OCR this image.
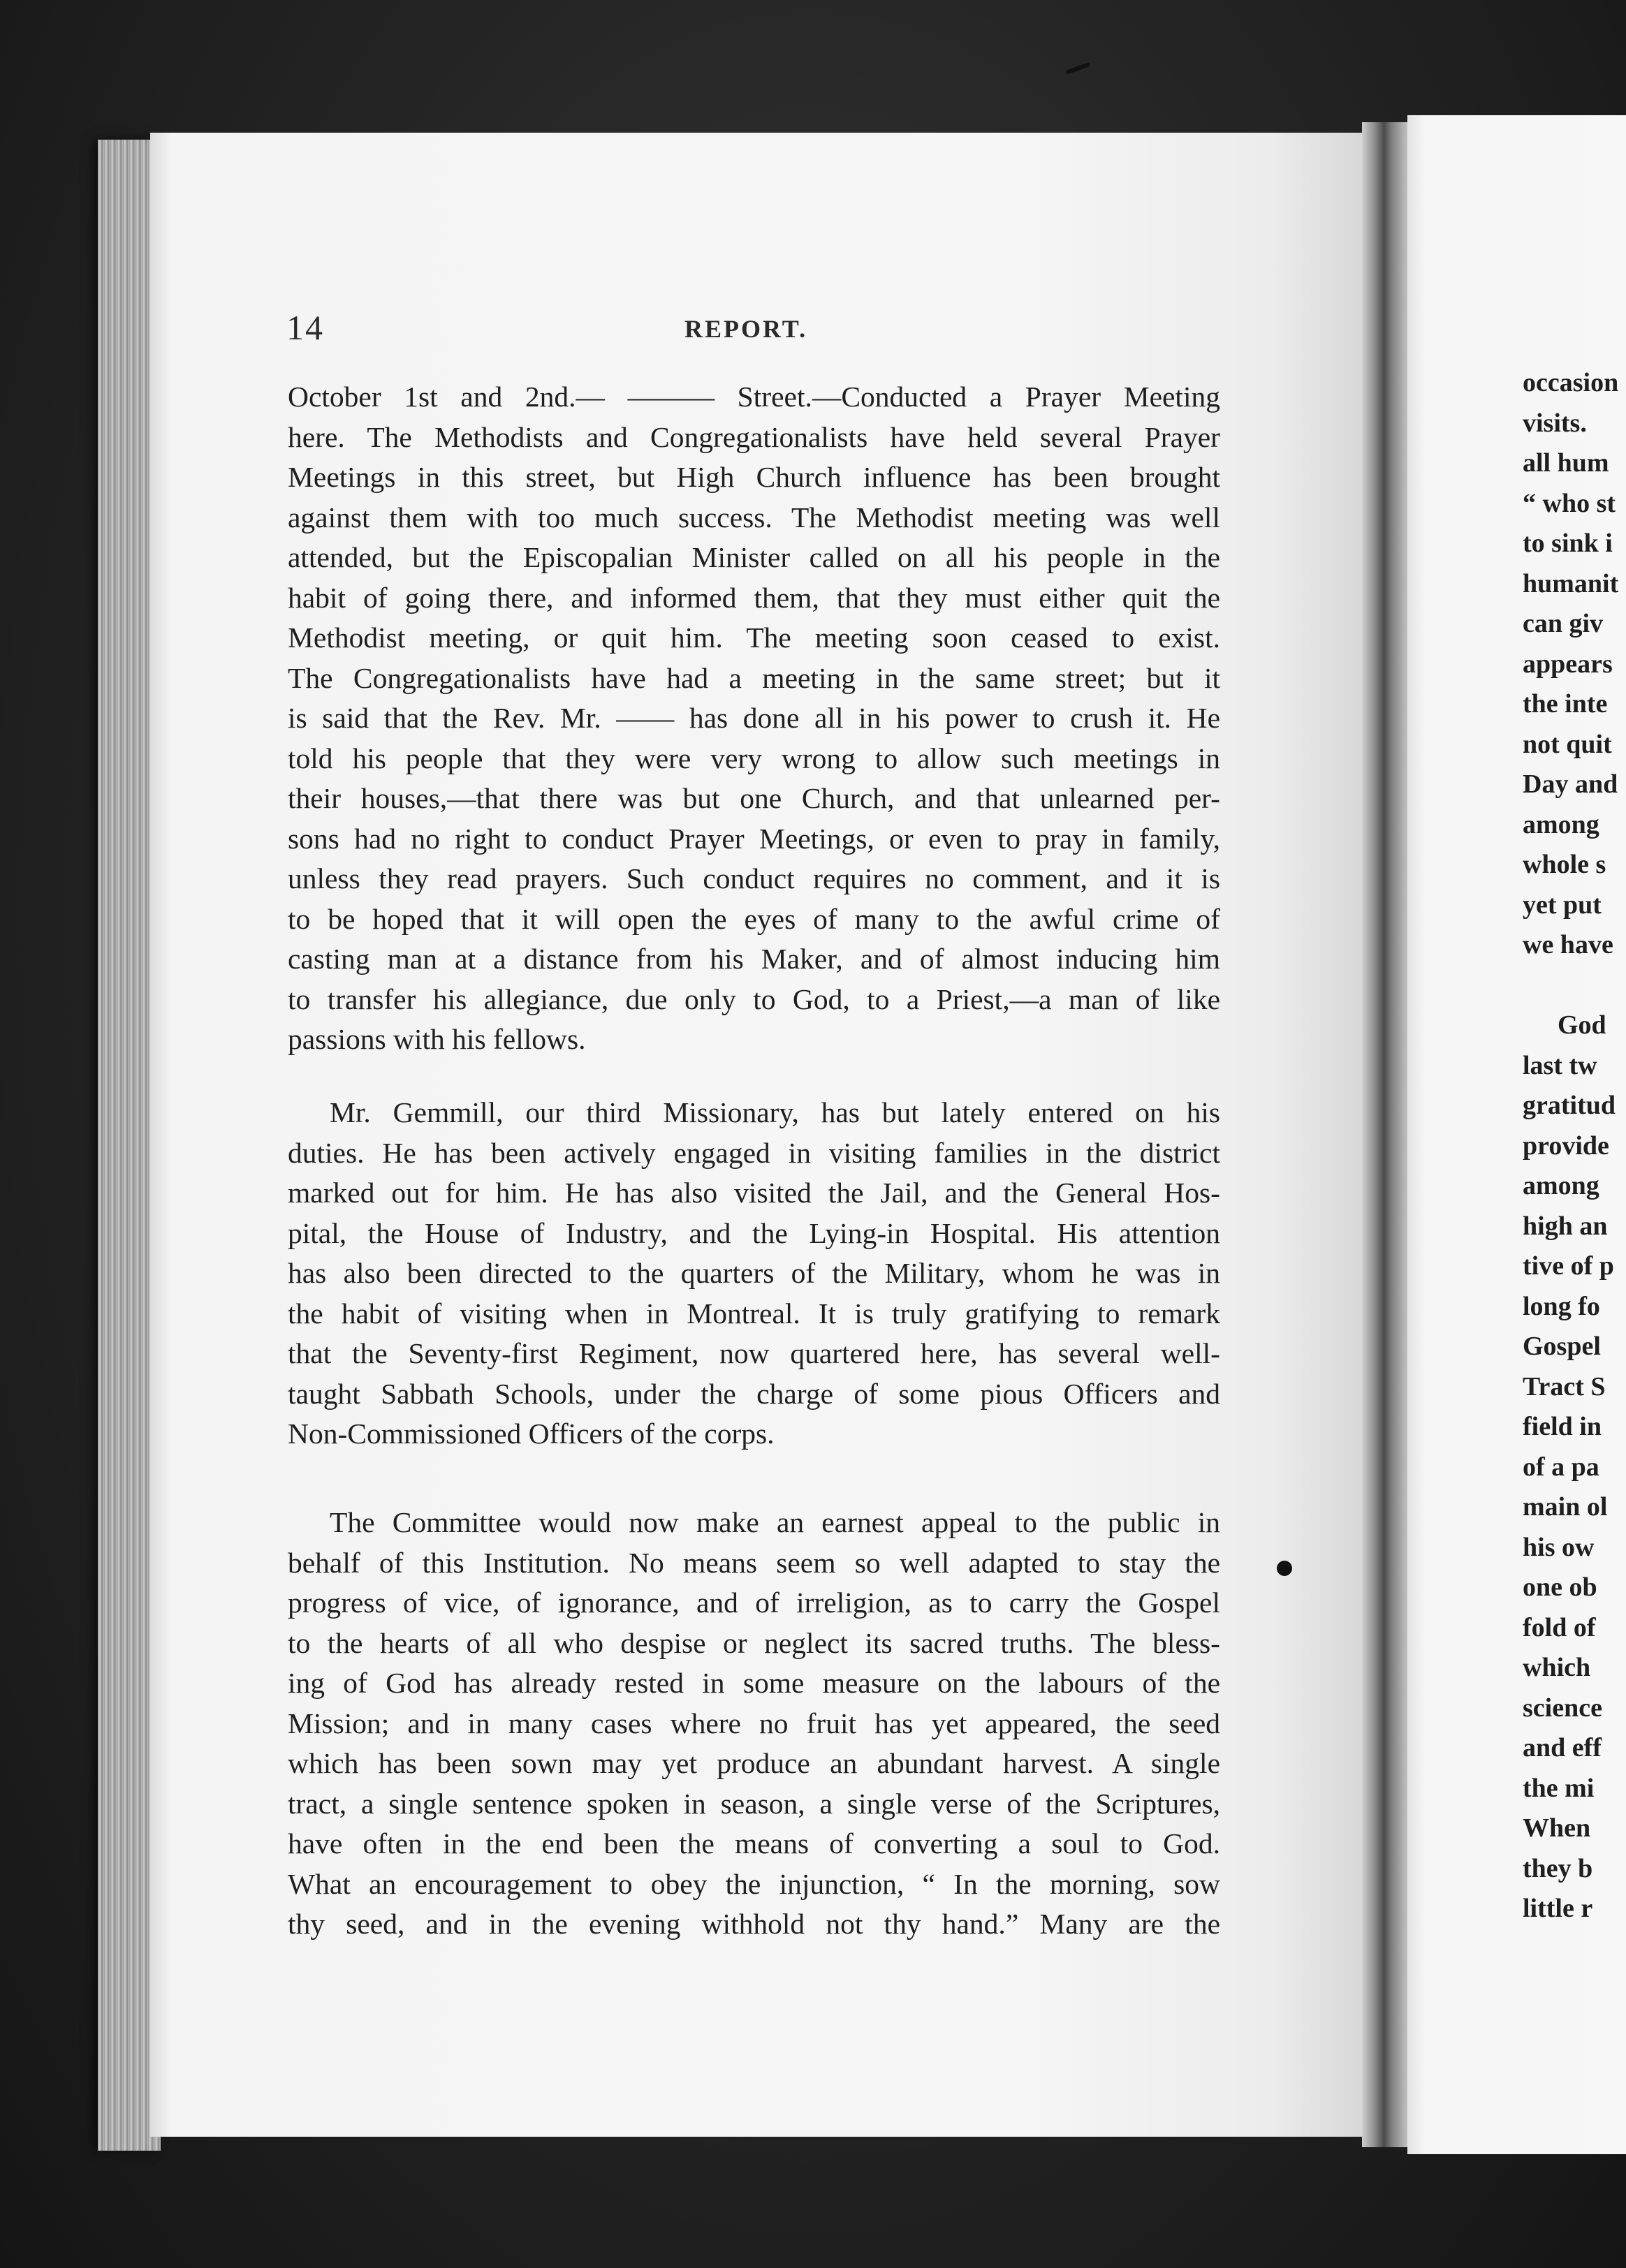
14	REPORT.
October 1st and 2nd.— ——— Street.—Conducted a Prayer Meeting
here. The Methodists and Congregationalists have held several Prayer
Meetings in this street, but High Church influence has been brought
against them with too much success. The Methodist meeting was well
attended, but the Episcopalian Minister called on all his people in the
habit of going there, and informed them, that they must either quit the
Methodist meeting, or quit him. The meeting soon ceased to exist.
The Congregationalists have had a meeting in the same street; but it
is said that the Rev. Mr. —— has done all in his power to crush it. He
told his people that they were very wrong to allow such meetings in
their houses,—that there was but one Church, and that unlearned per-
sons had no right to conduct Prayer Meetings, or even to pray in family,
unless they read prayers. Such conduct requires no comment, and it is
to be hoped that it will open the eyes of many to the awful crime of
casting man at a distance from his Maker, and of almost inducing him
to transfer his allegiance, due only to God, to a Priest,—a man of like
passions with his fellows.
Mr. Gemmill, our third Missionary, has but lately entered on his
duties. He has been actively engaged in visiting families in the district
marked out for him. He has also visited the Jail, and the General Hos-
pital, the House of Industry, and the Lying-in Hospital. His attention
has also been directed to the quarters of the Military, whom he was in
the habit of visiting when in Montreal. It is truly gratifying to remark
that the Seventy-first Regiment, now quartered here, has several well-
taught Sabbath Schools, under the charge of some pious Officers and
Non-Commissioned Officers of the corps.
The Committee would now make an earnest appeal to the public in
behalf of this Institution. No means seem so well adapted to stay the
progress of vice, of ignorance, and of irreligion, as to carry the Gospel
to the hearts of all who despise or neglect its sacred truths. The bless-
ing of God has already rested in some measure on the labours of the
Mission; and in many cases where no fruit has yet appeared, the seed
which has been sown may yet produce an abundant harvest. A single
tract, a single sentence spoken in season, a single verse of the Scriptures,
have often in the end been the means of converting a soul to God.
What an encouragement to obey the injunction, “ In the morning, sow
thy seed, and in the evening withhold not thy hand.” Many are the
occasion
visits.
all hum
“ who st
to sink i
humanit
can giv
appears
the inte
not quit
Day and
among
whole s
yet put
we have
God
last tw
gratitud
provide
among
high an
tive of p
long fo
Gospel
Tract S
field in
of a pa
main ol
his ow
one ob
fold of
which
science
and eff
the mi
When
they b
little r
